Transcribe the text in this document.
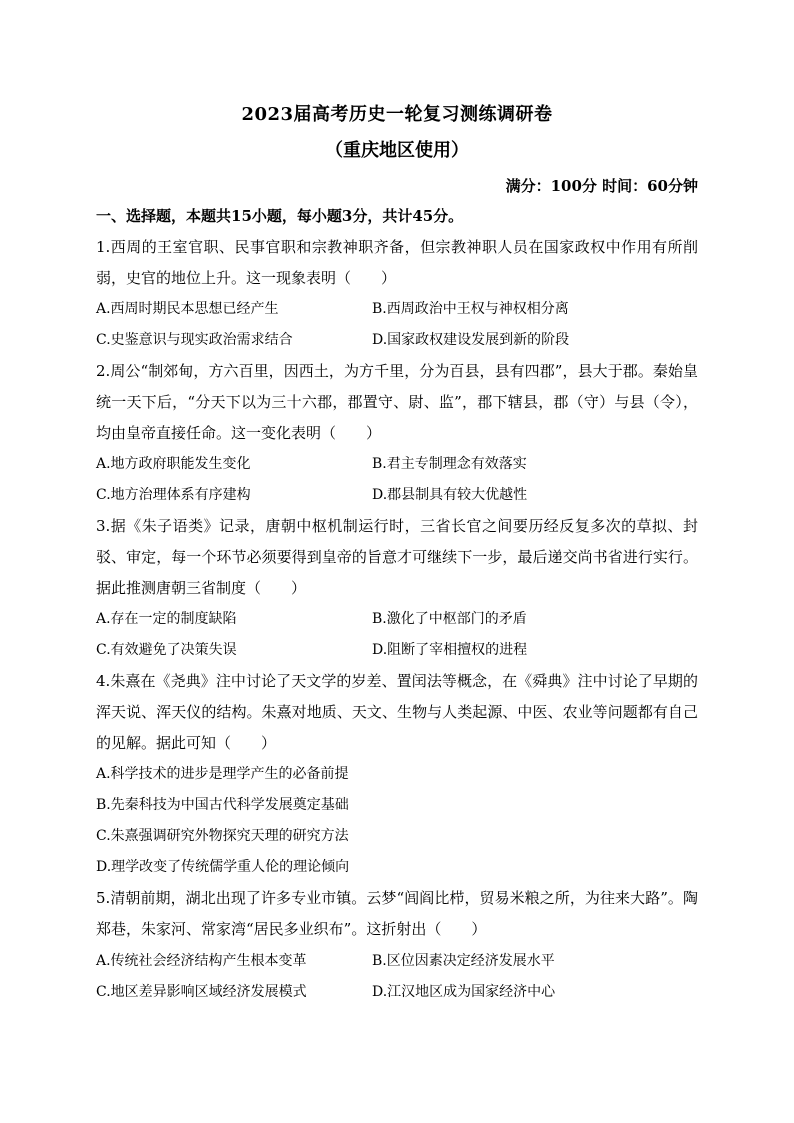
2023届高考历史一轮复习测练调研卷
（重庆地区使用）
满分：100分 时间：60分钟
一、选择题，本题共15小题，每小题3分，共计45分。
1.西周的王室官职、民事官职和宗教神职齐备，但宗教神职人员在国家政权中作用有所削弱，史官的地位上升。这一现象表明（　　）
A.西周时期民本思想已经产生	B.西周政治中王权与神权相分离
C.史鉴意识与现实政治需求结合	D.国家政权建设发展到新的阶段
2.周公“制郊甸，方六百里，因西土，为方千里，分为百县，县有四郡”，县大于郡。秦始皇统一天下后，“分天下以为三十六郡，郡置守、尉、监”，郡下辖县，郡（守）与县（令），均由皇帝直接任命。这一变化表明（　　）
A.地方政府职能发生变化	B.君主专制理念有效落实
C.地方治理体系有序建构	D.郡县制具有较大优越性
3.据《朱子语类》记录，唐朝中枢机制运行时，三省长官之间要历经反复多次的草拟、封驳、审定，每一个环节必须要得到皇帝的旨意才可继续下一步，最后递交尚书省进行实行。据此推测唐朝三省制度（　　）
A.存在一定的制度缺陷	B.激化了中枢部门的矛盾
C.有效避免了决策失误	D.阻断了宰相擅权的进程
4.朱熹在《尧典》注中讨论了天文学的岁差、置闰法等概念，在《舜典》注中讨论了早期的浑天说、浑天仪的结构。朱熹对地质、天文、生物与人类起源、中医、农业等问题都有自己的见解。据此可知（　　）
A.科学技术的进步是理学产生的必备前提
B.先秦科技为中国古代科学发展奠定基础
C.朱熹强调研究外物探究天理的研究方法
D.理学改变了传统儒学重人伦的理论倾向
5.清朝前期，湖北出现了许多专业市镇。云梦“闾阎比栉，贸易米粮之所，为往来大路”。陶郑巷，朱家河、常家湾“居民多业织布”。这折射出（　　）
A.传统社会经济结构产生根本变革	B.区位因素决定经济发展水平
C.地区差异影响区域经济发展模式	D.江汉地区成为国家经济中心
